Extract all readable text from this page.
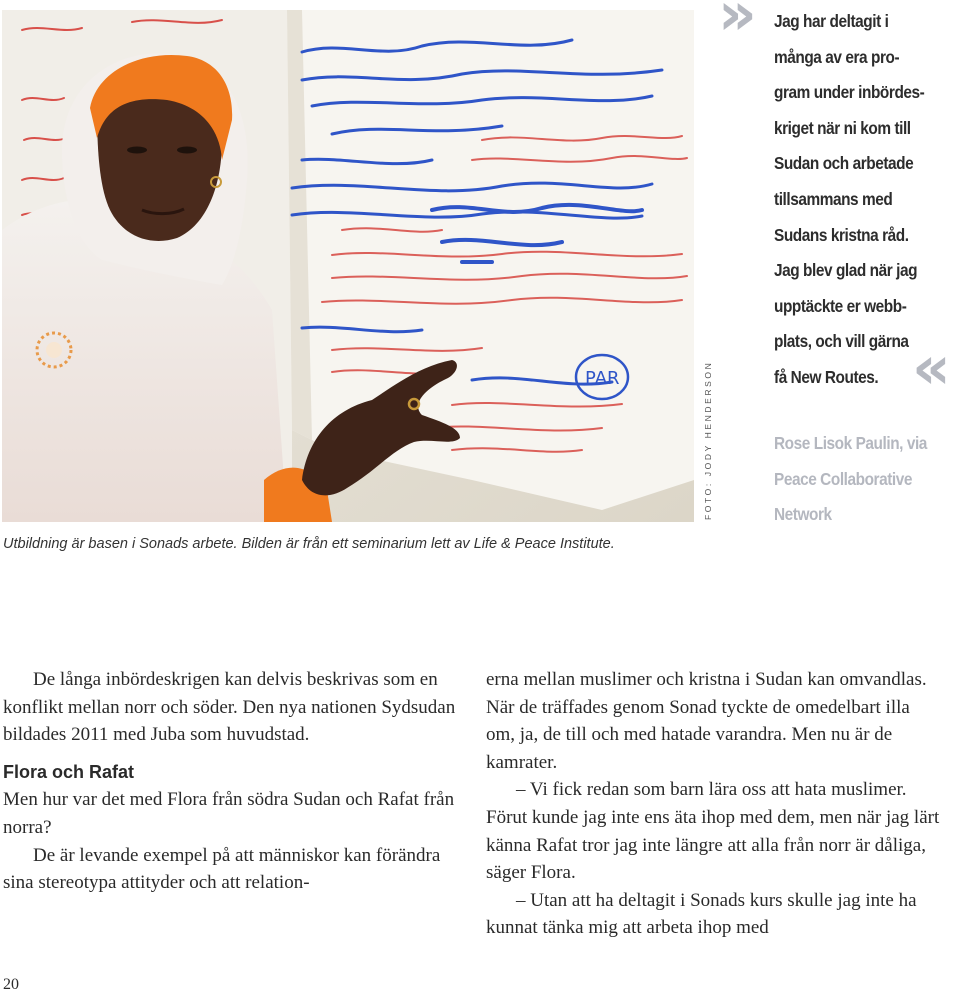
PAR	FOTO: JODY HENDERSON
Utbildning är basen i Sonads arbete. Bilden är från ett seminarium lett av Life & Peace Institute.
» Jag har deltagit i
många av era pro-
gram under inbördes-
kriget när ni kom till
Sudan och arbetade
tillsammans med
Sudans kristna råd.
Jag blev glad när jag
upptäckte er webb-
plats, och vill gärna
få New Routes. «
Rose Lisok Paulin, via
Peace Collaborative
Network

De långa inbördeskrigen kan delvis beskrivas som en konflikt mellan norr och söder. Den nya nationen Sydsudan bildades 2011 med Juba som huvudstad.

Flora och Rafat

Men hur var det med Flora från södra Sudan och Rafat från norra?

De är levande exempel på att människor kan förändra sina stereotypa attityder och att relation-

erna mellan muslimer och kristna i Sudan kan omvandlas. När de träffades genom Sonad tyckte de omedelbart illa om, ja, de till och med hatade varandra. Men nu är de kamrater.

– Vi fick redan som barn lära oss att hata muslimer. Förut kunde jag inte ens äta ihop med dem, men när jag lärt känna Rafat tror jag inte längre att alla från norr är dåliga, säger Flora.

– Utan att ha deltagit i Sonads kurs skulle jag inte ha kunnat tänka mig att arbeta ihop med

20
